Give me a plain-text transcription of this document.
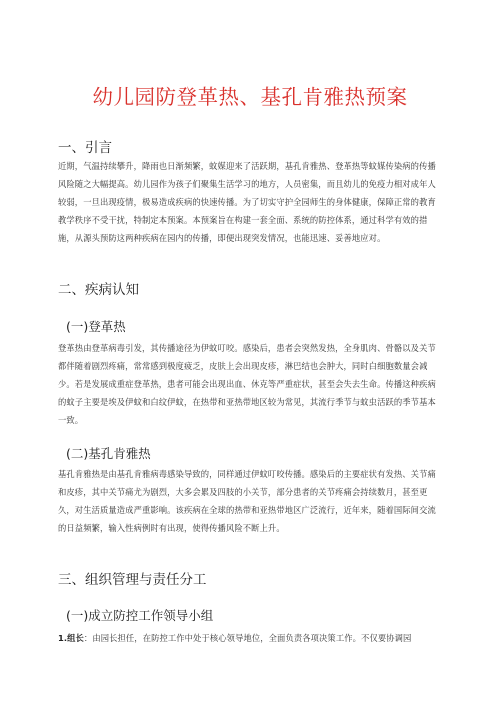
幼儿园防登革热、基孔肯雅热预案
一、引言

近期，气温持续攀升，降雨也日渐频繁，蚊媒迎来了活跃期，基孔肯雅热、登革热等蚊媒传染病的传播风险随之大幅提高。幼儿园作为孩子们聚集生活学习的地方，人员密集，而且幼儿的免疫力相对成年人较弱，一旦出现疫情，极易造成疾病的快速传播。为了切实守护全园师生的身体健康，保障正常的教育教学秩序不受干扰，特制定本预案。本预案旨在构建一套全面、系统的防控体系，通过科学有效的措施，从源头预防这两种疾病在园内的传播，即便出现突发情况，也能迅速、妥善地应对。

二、疾病认知
(一)登革热

登革热由登革病毒引发，其传播途径为伊蚊叮咬。感染后，患者会突然发热，全身肌肉、骨骼以及关节都伴随着剧烈疼痛，常常感到极度疲乏，皮肤上会出现皮疹，淋巴结也会肿大，同时白细胞数量会减少。若是发展成重症登革热，患者可能会出现出血、休克等严重症状，甚至会失去生命。传播这种疾病的蚊子主要是埃及伊蚊和白纹伊蚊，在热带和亚热带地区较为常见，其流行季节与蚊虫活跃的季节基本一致。

(二)基孔肯雅热

基孔肯雅热是由基孔肯雅病毒感染导致的，同样通过伊蚊叮咬传播。感染后的主要症状有发热、关节痛和皮疹，其中关节痛尤为剧烈，大多会累及四肢的小关节，部分患者的关节疼痛会持续数月，甚至更久，对生活质量造成严重影响。该疾病在全球的热带和亚热带地区广泛流行，近年来，随着国际间交流的日益频繁，输入性病例时有出现，使得传播风险不断上升。

三、组织管理与责任分工
(一)成立防控工作领导小组

1.组长：由园长担任，在防控工作中处于核心领导地位，全面负责各项决策工作。不仅要协调园
